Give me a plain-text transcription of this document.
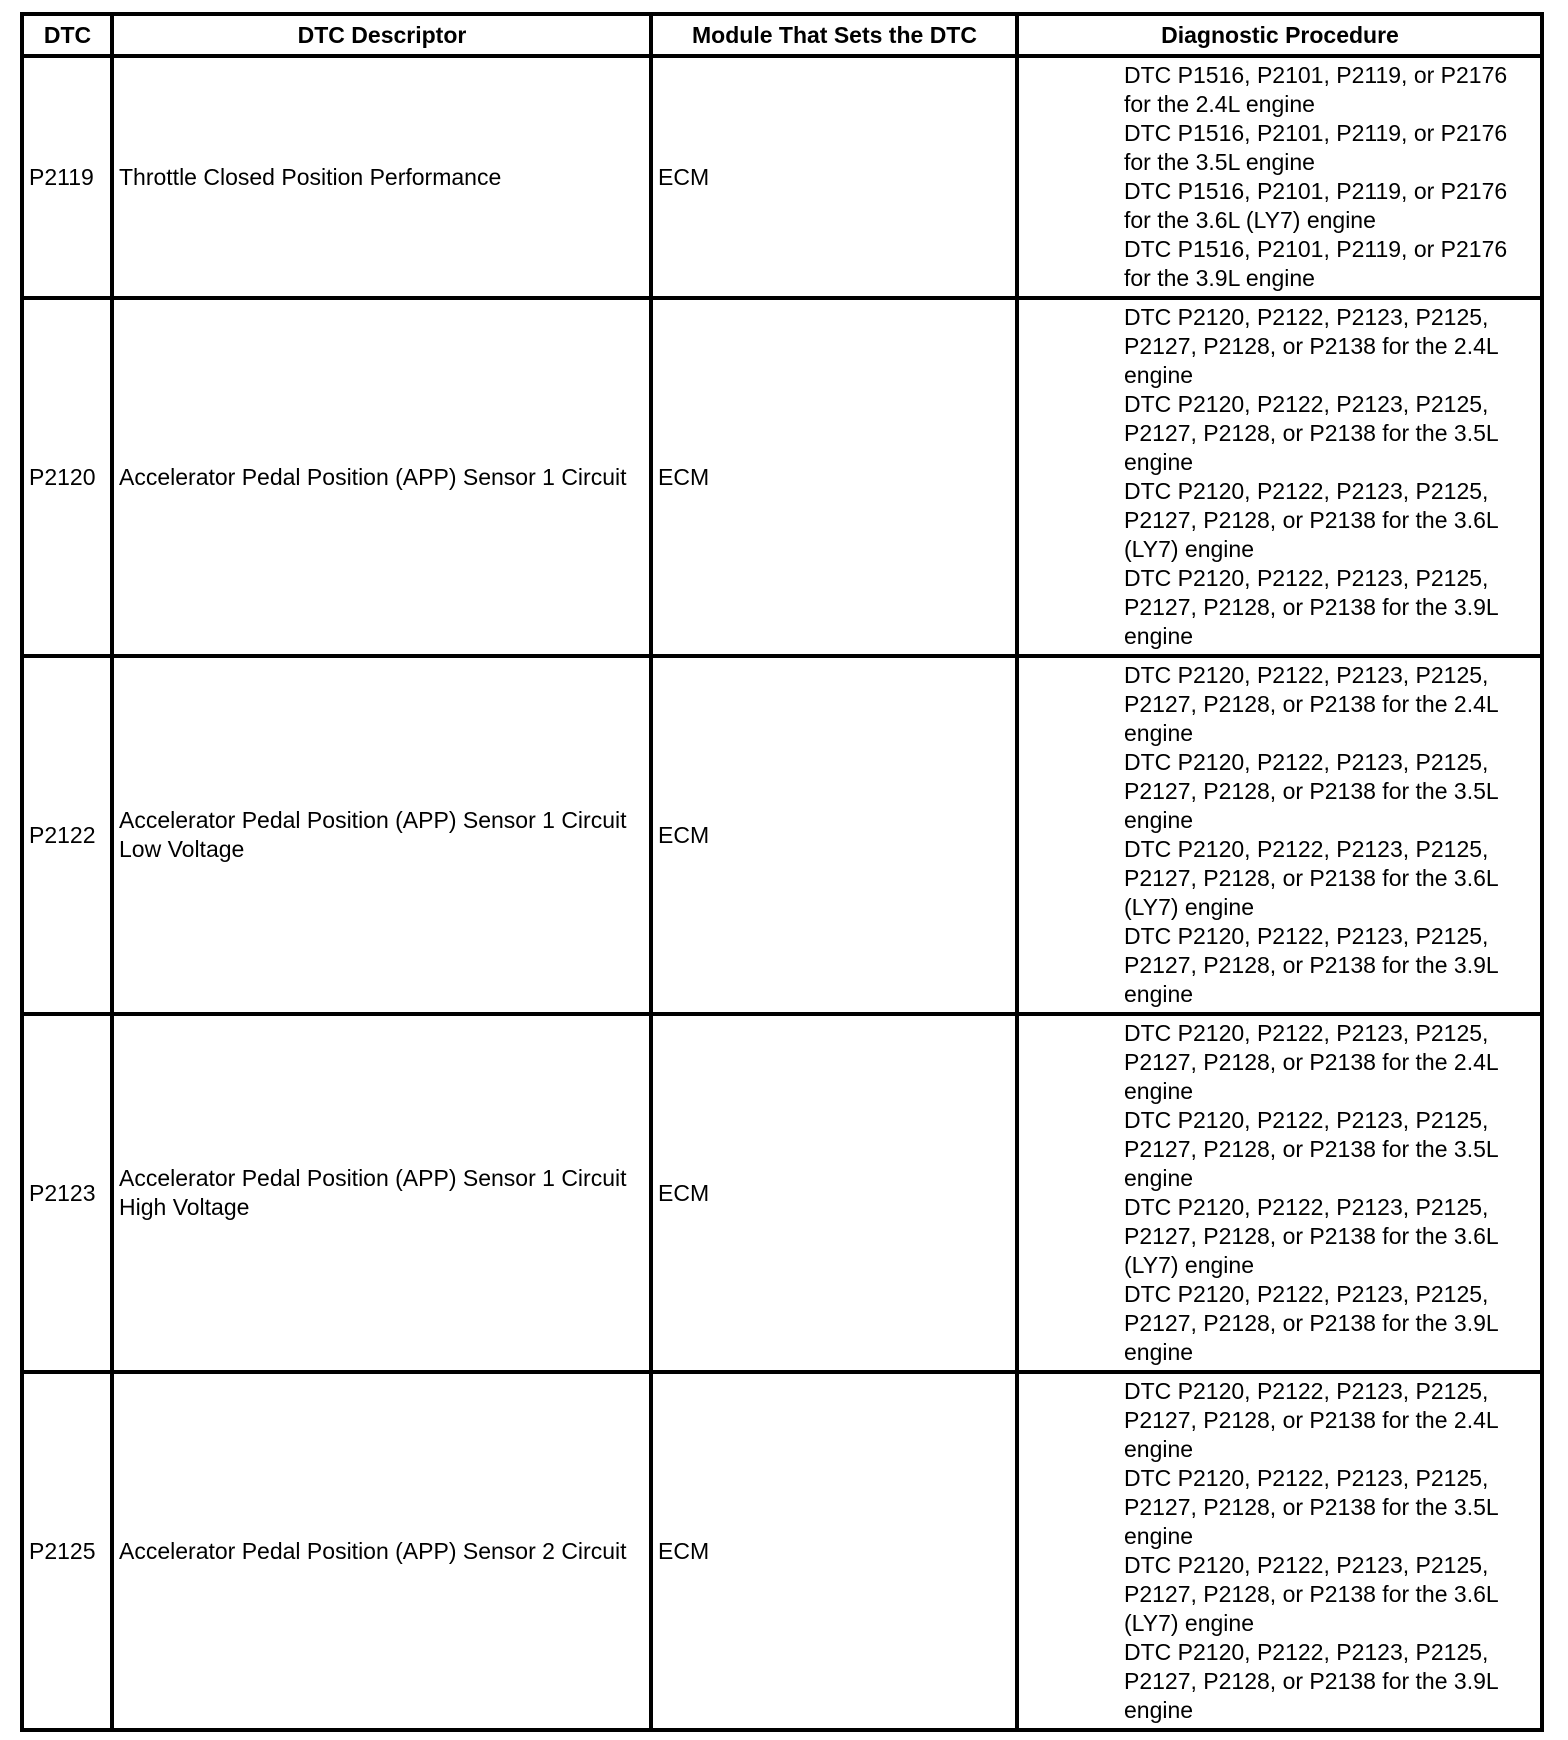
DTC	DTC Descriptor	Module That Sets the DTC	Diagnostic Procedure
P2119	Throttle Closed Position Performance	ECM	DTC P1516, P2101, P2119, or P2176 for the 2.4L engine
DTC P1516, P2101, P2119, or P2176 for the 3.5L engine
DTC P1516, P2101, P2119, or P2176 for the 3.6L (LY7) engine
DTC P1516, P2101, P2119, or P2176 for the 3.9L engine

P2120	Accelerator Pedal Position (APP) Sensor 1 Circuit	ECM	DTC P2120, P2122, P2123, P2125, P2127, P2128, or P2138 for the 2.4L engine
DTC P2120, P2122, P2123, P2125, P2127, P2128, or P2138 for the 3.5L engine
DTC P2120, P2122, P2123, P2125, P2127, P2128, or P2138 for the 3.6L (LY7) engine
DTC P2120, P2122, P2123, P2125, P2127, P2128, or P2138 for the 3.9L engine

P2122	Accelerator Pedal Position (APP) Sensor 1 Circuit Low Voltage	ECM	DTC P2120, P2122, P2123, P2125, P2127, P2128, or P2138 for the 2.4L engine
DTC P2120, P2122, P2123, P2125, P2127, P2128, or P2138 for the 3.5L engine
DTC P2120, P2122, P2123, P2125, P2127, P2128, or P2138 for the 3.6L (LY7) engine
DTC P2120, P2122, P2123, P2125, P2127, P2128, or P2138 for the 3.9L engine

P2123	Accelerator Pedal Position (APP) Sensor 1 Circuit High Voltage	ECM	DTC P2120, P2122, P2123, P2125, P2127, P2128, or P2138 for the 2.4L engine
DTC P2120, P2122, P2123, P2125, P2127, P2128, or P2138 for the 3.5L engine
DTC P2120, P2122, P2123, P2125, P2127, P2128, or P2138 for the 3.6L (LY7) engine
DTC P2120, P2122, P2123, P2125, P2127, P2128, or P2138 for the 3.9L engine

P2125	Accelerator Pedal Position (APP) Sensor 2 Circuit	ECM	DTC P2120, P2122, P2123, P2125, P2127, P2128, or P2138 for the 2.4L engine
DTC P2120, P2122, P2123, P2125, P2127, P2128, or P2138 for the 3.5L engine
DTC P2120, P2122, P2123, P2125, P2127, P2128, or P2138 for the 3.6L (LY7) engine
DTC P2120, P2122, P2123, P2125, P2127, P2128, or P2138 for the 3.9L engine
